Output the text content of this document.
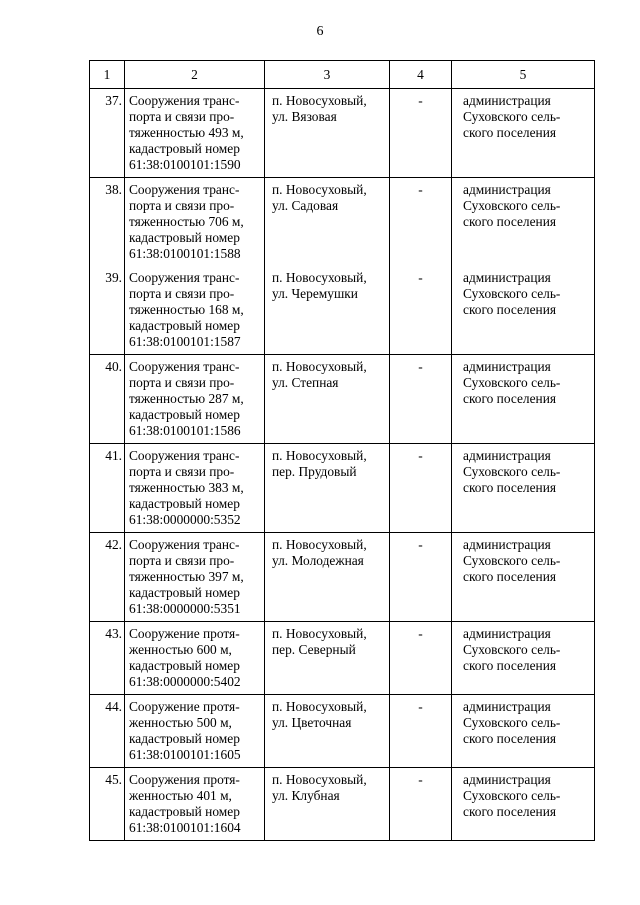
6
1	2	3	4	5
37.	Сооружения транс-
порта и связи про-
тяженностью 493 м,
кадастровый номер
61:38:0100101:1590	п. Новосуховый,
ул. Вязовая	-	администрация
Суховского сель-
ского поселения

38.	Сооружения транс-
порта и связи про-
тяженностью 706 м,
кадастровый номер
61:38:0100101:1588	п. Новосуховый,
ул. Садовая	-	администрация
Суховского сель-
ского поселения

39.	Сооружения транс-
порта и связи про-
тяженностью 168 м,
кадастровый номер
61:38:0100101:1587	п. Новосуховый,
ул. Черемушки	-	администрация
Суховского сель-
ского поселения

40.	Сооружения транс-
порта и связи про-
тяженностью 287 м,
кадастровый номер
61:38:0100101:1586	п. Новосуховый,
ул. Степная	-	администрация
Суховского сель-
ского поселения

41.	Сооружения транс-
порта и связи про-
тяженностью 383 м,
кадастровый номер
61:38:0000000:5352	п. Новосуховый,
пер. Прудовый	-	администрация
Суховского сель-
ского поселения

42.	Сооружения транс-
порта и связи про-
тяженностью 397 м,
кадастровый номер
61:38:0000000:5351	п. Новосуховый,
ул. Молодежная	-	администрация
Суховского сель-
ского поселения

43.	Сооружение протя-
женностью 600 м,
кадастровый номер
61:38:0000000:5402	п. Новосуховый,
пер. Северный	-	администрация
Суховского сель-
ского поселения

44.	Сооружение протя-
женностью 500 м,
кадастровый номер
61:38:0100101:1605	п. Новосуховый,
ул. Цветочная	-	администрация
Суховского сель-
ского поселения

45.	Сооружения протя-
женностью 401 м,
кадастровый номер
61:38:0100101:1604	п. Новосуховый,
ул. Клубная	-	администрация
Суховского сель-
ского поселения
